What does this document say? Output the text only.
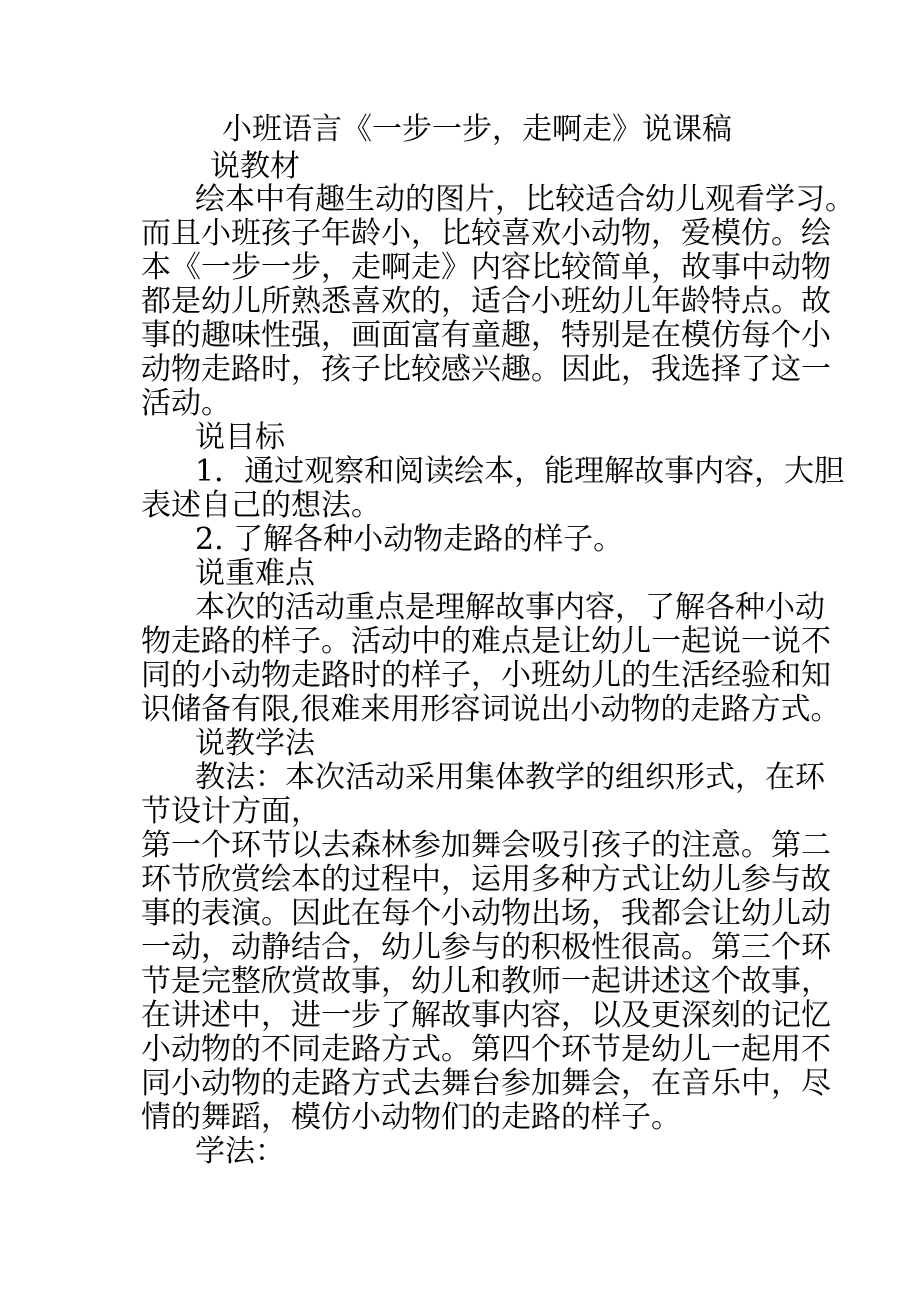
小班语言《一步一步，走啊走》说课稿
说教材
绘本中有趣生动的图片，比较适合幼儿观看学习。
而且小班孩子年龄小，比较喜欢小动物，爱模仿。绘
本《一步一步，走啊走》内容比较简单，故事中动物
都是幼儿所熟悉喜欢的，适合小班幼儿年龄特点。故
事的趣味性强，画面富有童趣，特别是在模仿每个小
动物走路时，孩子比较感兴趣。因此，我选择了这一
活动。
说目标
1．通过观察和阅读绘本，能理解故事内容，大胆
表述自己的想法。
2. 了解各种小动物走路的样子。
说重难点
本次的活动重点是理解故事内容，了解各种小动
物走路的样子。活动中的难点是让幼儿一起说一说不
同的小动物走路时的样子，小班幼儿的生活经验和知
识储备有限,很难来用形容词说出小动物的走路方式。
说教学法
教法：本次活动采用集体教学的组织形式，在环
节设计方面，
第一个环节以去森林参加舞会吸引孩子的注意。第二
环节欣赏绘本的过程中，运用多种方式让幼儿参与故
事的表演。因此在每个小动物出场，我都会让幼儿动
一动，动静结合，幼儿参与的积极性很高。第三个环
节是完整欣赏故事，幼儿和教师一起讲述这个故事，
在讲述中，进一步了解故事内容，以及更深刻的记忆
小动物的不同走路方式。第四个环节是幼儿一起用不
同小动物的走路方式去舞台参加舞会，在音乐中，尽
情的舞蹈，模仿小动物们的走路的样子。
学法：
